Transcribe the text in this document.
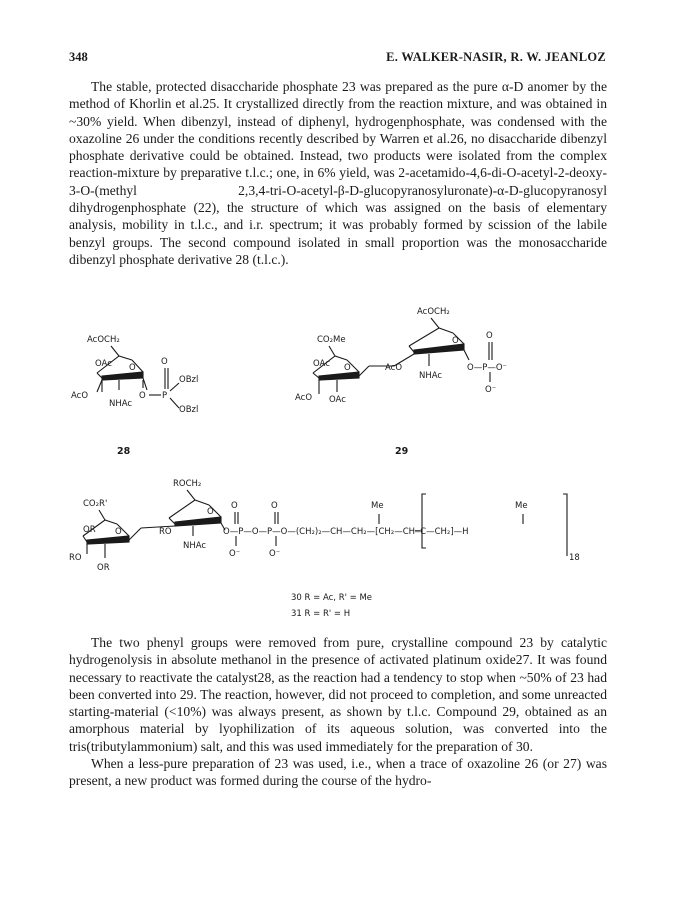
348	E. WALKER-NASIR, R. W. JEANLOZ

The stable, protected disaccharide phosphate 23 was prepared as the pure α-D anomer by the method of Khorlin et al.25. It crystallized directly from the reaction mixture, and was obtained in ~30% yield. When dibenzyl, instead of diphenyl, hydrogenphosphate, was condensed with the oxazoline 26 under the conditions recently described by Warren et al.26, no disaccharide dibenzyl phosphate derivative could be obtained. Instead, two products were isolated from the complex reaction-mixture by preparative t.l.c.; one, in 6% yield, was 2-acetamido-4,6-di-O-acetyl-2-deoxy-3-O-(methyl 2,3,4-tri-O-acetyl-β-D-glucopyranosyluronate)-α-D-glucopyranosyl dihydrogenphosphate (22), the structure of which was assigned on the basis of elementary analysis, mobility in t.l.c., and i.r. spectrum; it was probably formed by scission of the labile benzyl groups. The second compound isolated in small proportion was the monosaccharide dibenzyl phosphate derivative 28 (t.l.c.).

AcOCH₂
O
OAc
AcO
NHAc
O P
O
OBzl
OBzl
28
CO₂Me
O
OAc
AcO OAc
AcOCH₂
O
AcO
NHAc
O—P—O⁻
O
O⁻
29
ROCH₂
O
RO
NHAc
CO₂R'
O
OR
RO
OR
O—P—O—P—O—(CH₂)₂—CH—CH₂—[CH₂—CH═C—CH₂]—H
O	O
O⁻	O⁻
Me	Me
18
30 R = Ac, R' = Me
31 R = R' = H

The two phenyl groups were removed from pure, crystalline compound 23 by catalytic hydrogenolysis in absolute methanol in the presence of activated platinum oxide27. It was found necessary to reactivate the catalyst28, as the reaction had a tendency to stop when ~50% of 23 had been converted into 29. The reaction, however, did not proceed to completion, and some unreacted starting-material (<10%) was always present, as shown by t.l.c. Compound 29, obtained as an amorphous material by lyophilization of its aqueous solution, was converted into the tris(tributylammonium) salt, and this was used immediately for the preparation of 30.

When a less-pure preparation of 23 was used, i.e., when a trace of oxazoline 26 (or 27) was present, a new product was formed during the course of the hydro-
